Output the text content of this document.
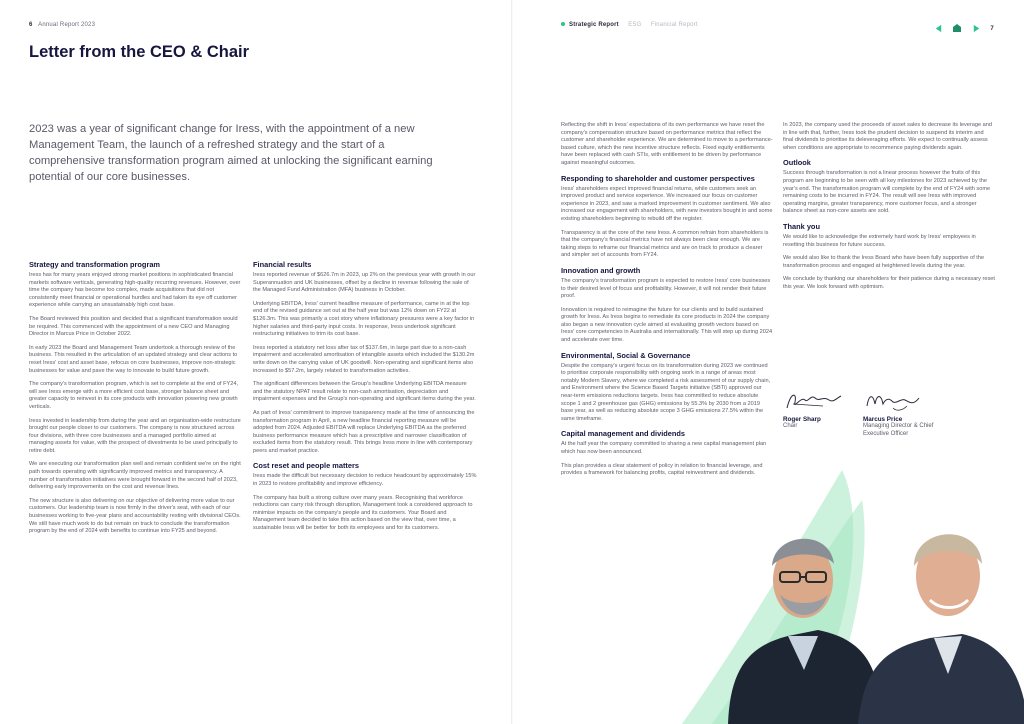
6 Annual Report 2023
Letter from the CEO & Chair

2023 was a year of significant change for Iress, with the appointment of a new Management Team, the launch of a refreshed strategy and the start of a comprehensive transformation program aimed at unlocking the significant earning potential of our core businesses.

Strategy and transformation program

Iress has for many years enjoyed strong market positions in sophisticated financial markets software verticals, generating high-quality recurring revenues. However, over time the company has become too complex, made acquisitions that did not consistently meet financial or operational hurdles and had taken its eye off customer experience while carrying an unsustainably high cost base.

The Board reviewed this position and decided that a significant transformation would be required. This commenced with the appointment of a new CEO and Managing Director in Marcus Price in October 2022.

In early 2023 the Board and Management Team undertook a thorough review of the business. This resulted in the articulation of an updated strategy and clear actions to reset Iress' cost and asset base, refocus on core businesses, improve non-strategic businesses for value and pave the way to innovate to build future growth.

The company's transformation program, which is set to complete at the end of FY24, will see Iress emerge with a more efficient cost base, stronger balance sheet and greater capacity to reinvest in its core products with innovation powering new growth verticals.

Iress invested in leadership from during the year and an organisation-wide restructure brought our people closer to our customers. The company is now structured across four divisions, with three core businesses and a managed portfolio aimed at managing assets for value, with the prospect of divestments to be used principally to retire debt.

We are executing our transformation plan well and remain confident we're on the right path towards operating with significantly improved metrics and transparency. A number of transformation initiatives were brought forward in the second half of 2023, delivering early improvements on the cost and revenue lines.

The new structure is also delivering on our objective of delivering more value to our customers. Our leadership team is now firmly in the driver's seat, with each of our businesses working to five-year plans and accountability resting with divisional CEOs. We still have much work to do but remain on track to conclude the transformation program by the end of 2024 with benefits to continue into FY25 and beyond.

Financial results

Iress reported revenue of $626.7m in 2023, up 2% on the previous year with growth in our Superannuation and UK businesses, offset by a decline in revenue following the sale of the Managed Fund Administration (MFA) business in October.

Underlying EBITDA, Iress' current headline measure of performance, came in at the top end of the revised guidance set out at the half year but was 12% down on FY22 at $126.3m. This was primarily a cost story where inflationary pressures were a key factor in higher salaries and third-party input costs. In response, Iress undertook significant restructuring initiatives to trim its cost base.

Iress reported a statutory net loss after tax of $137.6m, in large part due to a non-cash impairment and accelerated amortisation of intangible assets which included the $130.2m write down on the carrying value of UK goodwill. Non-operating and significant items also increased to $57.2m, largely related to transformation activities.

The significant differences between the Group's headline Underlying EBITDA measure and the statutory NPAT result relate to non-cash amortisation, depreciation and impairment expenses and the Group's non-operating and significant items during the year.

As part of Iress' commitment to improve transparency made at the time of announcing the transformation program in April, a new headline financial reporting measure will be adopted from 2024. Adjusted EBITDA will replace Underlying EBITDA as the preferred business performance measure which has a prescriptive and narrower classification of excluded items from the statutory result. This brings Iress more in line with contemporary peers and market practice.

Cost reset and people matters

Iress made the difficult but necessary decision to reduce headcount by approximately 15% in 2023 to restore profitability and improve efficiency.

The company has built a strong culture over many years. Recognising that workforce reductions can carry risk through disruption, Management took a considered approach to minimise impacts on the company's people and its customers. Your Board and Management team decided to take this action based on the view that, over time, a sustainable Iress will be better for both its employees and for its customers.

Strategic Report ESG Financial Report
7

Reflecting the shift in Iress' expectations of its own performance we have reset the company's compensation structure based on performance metrics that reflect the customer and shareholder experience. We are determined to move to a performance-based culture, which the new incentive structure reflects. Fixed equity entitlements have been replaced with cash STIs, with entitlement to be driven by performance against meaningful outcomes.

Responding to shareholder and customer perspectives

Iress' shareholders expect improved financial returns, while customers seek an improved product and service experience. We increased our focus on customer experience in 2023, and saw a marked improvement in customer sentiment. We also increased our engagement with shareholders, with new investors bought in and some existing shareholders beginning to rebuild off the register.

Transparency is at the core of the new Iress. A common refrain from shareholders is that the company's financial metrics have not always been clear enough. We are taking steps to reframe our financial metrics and are on track to produce a clearer and simpler set of accounts from FY24.

Innovation and growth

The company's transformation program is expected to restore Iress' core businesses to their desired level of focus and profitability. However, it will not render their future proof.

Innovation is required to reimagine the future for our clients and to build sustained growth for Iress. As Iress begins to remediate its core products in 2024 the company also began a new innovation cycle aimed at evaluating growth vectors based on Iress' core competencies in Australia and internationally. This will step up during 2024 and accelerate over time.

Environmental, Social & Governance

Despite the company's urgent focus on its transformation during 2023 we continued to prioritise corporate responsibility with ongoing work in a range of areas most notably Modern Slavery, where we completed a risk assessment of our supply chain, and Environment where the Science Based Targets initiative (SBTi) approved our near-term emissions reductions targets. Iress has committed to reduce absolute scope 1 and 2 greenhouse gas (GHG) emissions by 55.3% by 2030 from a 2019 base year, as well as reducing absolute scope 3 GHG emissions 27.5% within the same timeframe.

Capital management and dividends

At the half year the company committed to sharing a new capital management plan which has now been announced.

This plan provides a clear statement of policy in relation to financial leverage, and provides a framework for balancing profits, capital reinvestment and dividends.

In 2023, the company used the proceeds of asset sales to decrease its leverage and in line with that, further, Iress took the prudent decision to suspend its interim and final dividends to prioritise its deleveraging efforts. We expect to continually assess when conditions are appropriate to recommence paying dividends again.

Outlook

Success through transformation is not a linear process however the fruits of this program are beginning to be seen with all key milestones for 2023 achieved by the year's end. The transformation program will complete by the end of FY24 with some remaining costs to be incurred in FY24. The result will see Iress with improved operating margins, greater transparency, more customer focus, and a stronger balance sheet as non-core assets are sold.

Thank you

We would like to acknowledge the extremely hard work by Iress' employees in resetting this business for future success.

We would also like to thank the Iress Board who have been fully supportive of the transformation process and engaged at heightened levels during the year.

We conclude by thanking our shareholders for their patience during a necessary reset this year. We look forward with optimism.

Roger Sharp
Chair
Marcus Price
Managing Director & Chief Executive Officer
